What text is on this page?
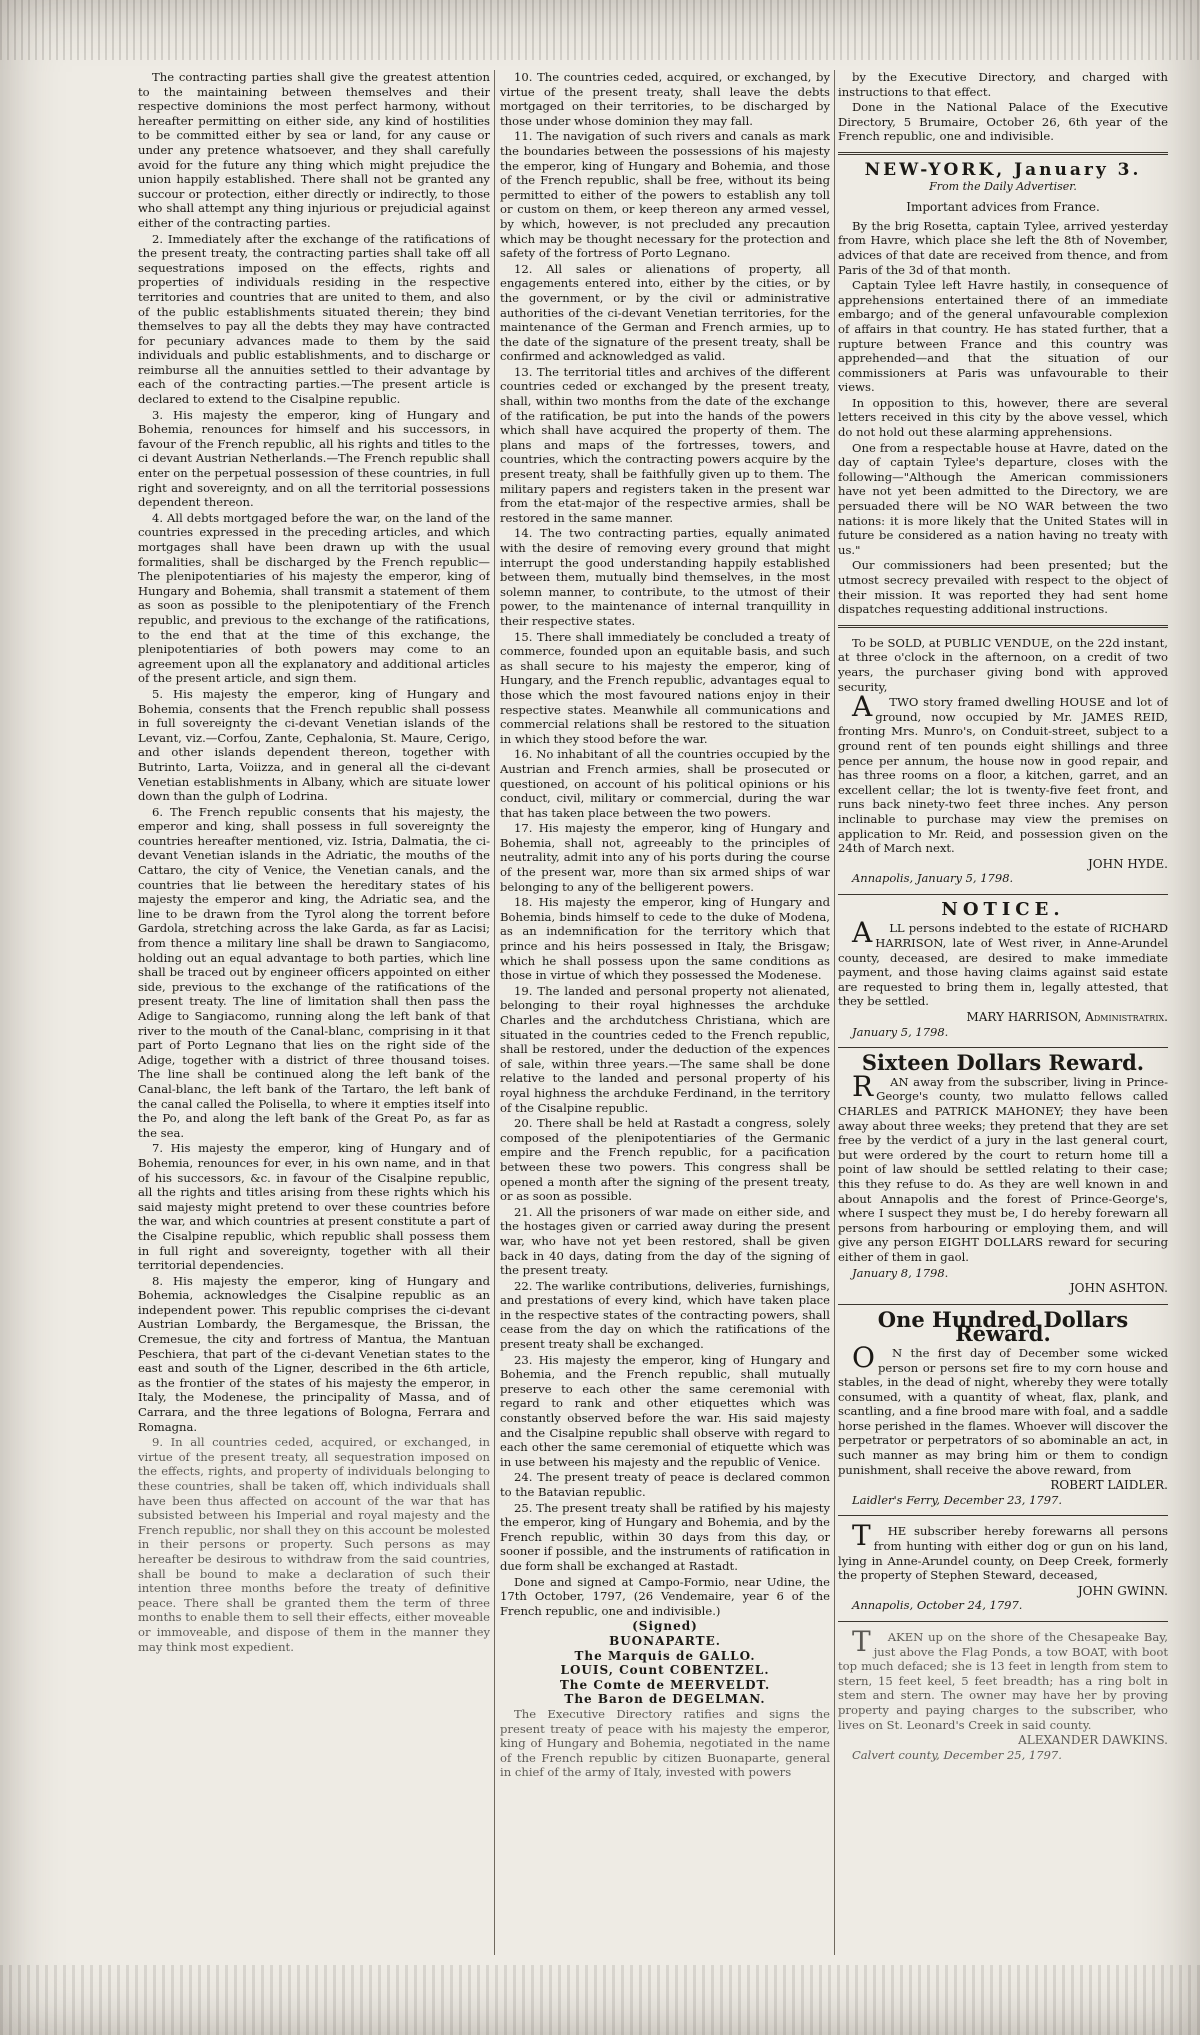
The contracting parties shall give the greatest attention to the maintaining between themselves and their respective dominions the most perfect harmony, without hereafter permitting on either side, any kind of hostilities to be committed either by sea or land, for any cause or under any pretence whatsoever, and they shall carefully avoid for the future any thing which might prejudice the union happily established. There shall not be granted any succour or protection, either directly or indirectly, to those who shall attempt any thing injurious or prejudicial against either of the contracting parties.

2. Immediately after the exchange of the ratifications of the present treaty, the contracting parties shall take off all sequestrations imposed on the effects, rights and properties of individuals residing in the respective territories and countries that are united to them, and also of the public establishments situated therein; they bind themselves to pay all the debts they may have contracted for pecuniary advances made to them by the said individuals and public establishments, and to discharge or reimburse all the annuities settled to their advantage by each of the contracting parties.—The present article is declared to extend to the Cisalpine republic.

3. His majesty the emperor, king of Hungary and Bohemia, renounces for himself and his successors, in favour of the French republic, all his rights and titles to the ci devant Austrian Netherlands.—The French republic shall enter on the perpetual possession of these countries, in full right and sovereignty, and on all the territorial possessions dependent thereon.

4. All debts mortgaged before the war, on the land of the countries expressed in the preceding articles, and which mortgages shall have been drawn up with the usual formalities, shall be discharged by the French republic—The plenipotentiaries of his majesty the emperor, king of Hungary and Bohemia, shall transmit a statement of them as soon as possible to the plenipotentiary of the French republic, and previous to the exchange of the ratifications, to the end that at the time of this exchange, the plenipotentiaries of both powers may come to an agreement upon all the explanatory and additional articles of the present article, and sign them.

5. His majesty the emperor, king of Hungary and Bohemia, consents that the French republic shall possess in full sovereignty the ci-devant Venetian islands of the Levant, viz.—Corfou, Zante, Cephalonia, St. Maure, Cerigo, and other islands dependent thereon, together with Butrinto, Larta, Voiizza, and in general all the ci-devant Venetian establishments in Albany, which are situate lower down than the gulph of Lodrina.

6. The French republic consents that his majesty, the emperor and king, shall possess in full sovereignty the countries hereafter mentioned, viz. Istria, Dalmatia, the ci-devant Venetian islands in the Adriatic, the mouths of the Cattaro, the city of Venice, the Venetian canals, and the countries that lie between the hereditary states of his majesty the emperor and king, the Adriatic sea, and the line to be drawn from the Tyrol along the torrent before Gardola, stretching across the lake Garda, as far as Lacisi; from thence a military line shall be drawn to Sangiacomo, holding out an equal advantage to both parties, which line shall be traced out by engineer officers appointed on either side, previous to the exchange of the ratifications of the present treaty. The line of limitation shall then pass the Adige to Sangiacomo, running along the left bank of that river to the mouth of the Canal-blanc, comprising in it that part of Porto Legnano that lies on the right side of the Adige, together with a district of three thousand toises. The line shall be continued along the left bank of the Canal-blanc, the left bank of the Tartaro, the left bank of the canal called the Polisella, to where it empties itself into the Po, and along the left bank of the Great Po, as far as the sea.

7. His majesty the emperor, king of Hungary and of Bohemia, renounces for ever, in his own name, and in that of his successors, &c. in favour of the Cisalpine republic, all the rights and titles arising from these rights which his said majesty might pretend to over these countries before the war, and which countries at present constitute a part of the Cisalpine republic, which republic shall possess them in full right and sovereignty, together with all their territorial dependencies.

8. His majesty the emperor, king of Hungary and Bohemia, acknowledges the Cisalpine republic as an independent power. This republic comprises the ci-devant Austrian Lombardy, the Bergamesque, the Brissan, the Cremesue, the city and fortress of Mantua, the Mantuan Peschiera, that part of the ci-devant Venetian states to the east and south of the Ligner, described in the 6th article, as the frontier of the states of his majesty the emperor, in Italy, the Modenese, the principality of Massa, and of Carrara, and the three legations of Bologna, Ferrara and Romagna.

9. In all countries ceded, acquired, or exchanged, in virtue of the present treaty, all sequestration imposed on the effects, rights, and property of individuals belonging to these countries, shall be taken off, which individuals shall have been thus affected on account of the war that has subsisted between his Imperial and royal majesty and the French republic, nor shall they on this account be molested in their persons or property. Such persons as may hereafter be desirous to withdraw from the said countries, shall be bound to make a declaration of such their intention three months before the treaty of definitive peace. There shall be granted them the term of three months to enable them to sell their effects, either moveable or immoveable, and dispose of them in the manner they may think most expedient.

10. The countries ceded, acquired, or exchanged, by virtue of the present treaty, shall leave the debts mortgaged on their territories, to be discharged by those under whose dominion they may fall.

11. The navigation of such rivers and canals as mark the boundaries between the possessions of his majesty the emperor, king of Hungary and Bohemia, and those of the French republic, shall be free, without its being permitted to either of the powers to establish any toll or custom on them, or keep thereon any armed vessel, by which, however, is not precluded any precaution which may be thought necessary for the protection and safety of the fortress of Porto Legnano.

12. All sales or alienations of property, all engagements entered into, either by the cities, or by the government, or by the civil or administrative authorities of the ci-devant Venetian territories, for the maintenance of the German and French armies, up to the date of the signature of the present treaty, shall be confirmed and acknowledged as valid.

13. The territorial titles and archives of the different countries ceded or exchanged by the present treaty, shall, within two months from the date of the exchange of the ratification, be put into the hands of the powers which shall have acquired the property of them. The plans and maps of the fortresses, towers, and countries, which the contracting powers acquire by the present treaty, shall be faithfully given up to them. The military papers and registers taken in the present war from the etat-major of the respective armies, shall be restored in the same manner.

14. The two contracting parties, equally animated with the desire of removing every ground that might interrupt the good understanding happily established between them, mutually bind themselves, in the most solemn manner, to contribute, to the utmost of their power, to the maintenance of internal tranquillity in their respective states.

15. There shall immediately be concluded a treaty of commerce, founded upon an equitable basis, and such as shall secure to his majesty the emperor, king of Hungary, and the French republic, advantages equal to those which the most favoured nations enjoy in their respective states. Meanwhile all communications and commercial relations shall be restored to the situation in which they stood before the war.

16. No inhabitant of all the countries occupied by the Austrian and French armies, shall be prosecuted or questioned, on account of his political opinions or his conduct, civil, military or commercial, during the war that has taken place between the two powers.

17. His majesty the emperor, king of Hungary and Bohemia, shall not, agreeably to the principles of neutrality, admit into any of his ports during the course of the present war, more than six armed ships of war belonging to any of the belligerent powers.

18. His majesty the emperor, king of Hungary and Bohemia, binds himself to cede to the duke of Modena, as an indemnification for the territory which that prince and his heirs possessed in Italy, the Brisgaw; which he shall possess upon the same conditions as those in virtue of which they possessed the Modenese.

19. The landed and personal property not alienated, belonging to their royal highnesses the archduke Charles and the archdutchess Christiana, which are situated in the countries ceded to the French republic, shall be restored, under the deduction of the expences of sale, within three years.—The same shall be done relative to the landed and personal property of his royal highness the archduke Ferdinand, in the territory of the Cisalpine republic.

20. There shall be held at Rastadt a congress, solely composed of the plenipotentiaries of the Germanic empire and the French republic, for a pacification between these two powers. This congress shall be opened a month after the signing of the present treaty, or as soon as possible.

21. All the prisoners of war made on either side, and the hostages given or carried away during the present war, who have not yet been restored, shall be given back in 40 days, dating from the day of the signing of the present treaty.

22. The warlike contributions, deliveries, furnishings, and prestations of every kind, which have taken place in the respective states of the contracting powers, shall cease from the day on which the ratifications of the present treaty shall be exchanged.

23. His majesty the emperor, king of Hungary and Bohemia, and the French republic, shall mutually preserve to each other the same ceremonial with regard to rank and other etiquettes which was constantly observed before the war. His said majesty and the Cisalpine republic shall observe with regard to each other the same ceremonial of etiquette which was in use between his majesty and the republic of Venice.

24. The present treaty of peace is declared common to the Batavian republic.

25. The present treaty shall be ratified by his majesty the emperor, king of Hungary and Bohemia, and by the French republic, within 30 days from this day, or sooner if possible, and the instruments of ratification in due form shall be exchanged at Rastadt.

Done and signed at Campo-Formio, near Udine, the 17th October, 1797, (26 Vendemaire, year 6 of the French republic, one and indivisible.)

(Signed)
BUONAPARTE.
The Marquis de GALLO.
LOUIS, Count COBENTZEL.
The Comte de MEERVELDT.
The Baron de DEGELMAN.

The Executive Directory ratifies and signs the present treaty of peace with his majesty the emperor, king of Hungary and Bohemia, negotiated in the name of the French republic by citizen Buonaparte, general in chief of the army of Italy, invested with powers

by the Executive Directory, and charged with instructions to that effect.

Done in the National Palace of the Executive Directory, 5 Brumaire, October 26, 6th year of the French republic, one and indivisible.

NEW-YORK, January 3.
From the Daily Advertiser.
Important advices from France.

By the brig Rosetta, captain Tylee, arrived yesterday from Havre, which place she left the 8th of November, advices of that date are received from thence, and from Paris of the 3d of that month.

Captain Tylee left Havre hastily, in consequence of apprehensions entertained there of an immediate embargo; and of the general unfavourable complexion of affairs in that country. He has stated further, that a rupture between France and this country was apprehended—and that the situation of our commissioners at Paris was unfavourable to their views.

In opposition to this, however, there are several letters received in this city by the above vessel, which do not hold out these alarming apprehensions.

One from a respectable house at Havre, dated on the day of captain Tylee's departure, closes with the following—"Although the American commissioners have not yet been admitted to the Directory, we are persuaded there will be NO WAR between the two nations: it is more likely that the United States will in future be considered as a nation having no treaty with us."

Our commissioners had been presented; but the utmost secrecy prevailed with respect to the object of their mission. It was reported they had sent home dispatches requesting additional instructions.

To be SOLD, at PUBLIC VENDUE, on the 22d instant, at three o'clock in the afternoon, on a credit of two years, the purchaser giving bond with approved security,

ATWO story framed dwelling HOUSE and lot of ground, now occupied by Mr. JAMES REID, fronting Mrs. Munro's, on Conduit-street, subject to a ground rent of ten pounds eight shillings and three pence per annum, the house now in good repair, and has three rooms on a floor, a kitchen, garret, and an excellent cellar; the lot is twenty-five feet front, and runs back ninety-two feet three inches. Any person inclinable to purchase may view the premises on application to Mr. Reid, and possession given on the 24th of March next.

JOHN HYDE.

Annapolis, January 5, 1798.

NOTICE.

ALL persons indebted to the estate of RICHARD HARRISON, late of West river, in Anne-Arundel county, deceased, are desired to make immediate payment, and those having claims against said estate are requested to bring them in, legally attested, that they be settled.

MARY HARRISON, Administratrix.

January 5, 1798.

Sixteen Dollars Reward.

RAN away from the subscriber, living in Prince-George's county, two mulatto fellows called CHARLES and PATRICK MAHONEY; they have been away about three weeks; they pretend that they are set free by the verdict of a jury in the last general court, but were ordered by the court to return home till a point of law should be settled relating to their case; this they refuse to do. As they are well known in and about Annapolis and the forest of Prince-George's, where I suspect they must be, I do hereby forewarn all persons from harbouring or employing them, and will give any person EIGHT DOLLARS reward for securing either of them in gaol.

January 8, 1798.

JOHN ASHTON.
One Hundred Dollars Reward.

ON the first day of December some wicked person or persons set fire to my corn house and stables, in the dead of night, whereby they were totally consumed, with a quantity of wheat, flax, plank, and scantling, and a fine brood mare with foal, and a saddle horse perished in the flames. Whoever will discover the perpetrator or perpetrators of so abominable an act, in such manner as may bring him or them to condign punishment, shall receive the above reward, from

ROBERT LAIDLER.

Laidler's Ferry, December 23, 1797.

THE subscriber hereby forewarns all persons from hunting with either dog or gun on his land, lying in Anne-Arundel county, on Deep Creek, formerly the property of Stephen Steward, deceased,

JOHN GWINN.

Annapolis, October 24, 1797.

TAKEN up on the shore of the Chesapeake Bay, just above the Flag Ponds, a tow BOAT, with boot top much defaced; she is 13 feet in length from stem to stern, 15 feet keel, 5 feet breadth; has a ring bolt in stem and stern. The owner may have her by proving property and paying charges to the subscriber, who lives on St. Leonard's Creek in said county.

ALEXANDER DAWKINS.

Calvert county, December 25, 1797.
